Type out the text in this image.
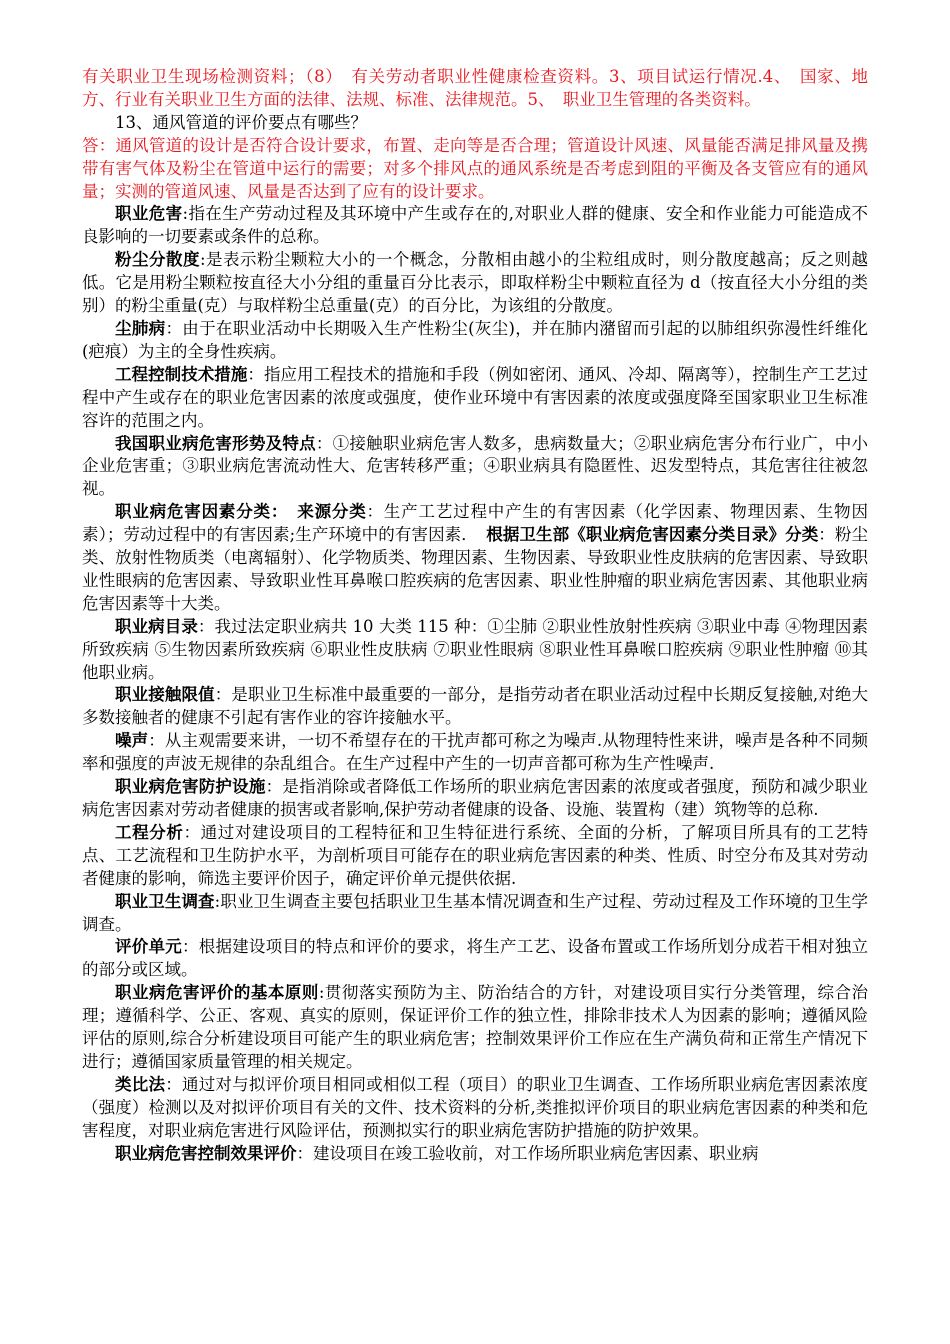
有关职业卫生现场检测资料；（8）　有关劳动者职业性健康检查资料。3、项目试运行情况.4、　国家、地方、行业有关职业卫生方面的法律、法规、标准、法律规范。5、　职业卫生管理的各类资料。

13、通风管道的评价要点有哪些？

答：通风管道的设计是否符合设计要求，布置、走向等是否合理；管道设计风速、风量能否满足排风量及携带有害气体及粉尘在管道中运行的需要；对多个排风点的通风系统是否考虑到阻的平衡及各支管应有的通风量；实测的管道风速、风量是否达到了应有的设计要求。

职业危害:指在生产劳动过程及其环境中产生或存在的,对职业人群的健康、安全和作业能力可能造成不良影响的一切要素或条件的总称。

粉尘分散度:是表示粉尘颗粒大小的一个概念，分散相由越小的尘粒组成时，则分散度越高；反之则越低。它是用粉尘颗粒按直径大小分组的重量百分比表示，即取样粉尘中颗粒直径为 d（按直径大小分组的类别）的粉尘重量(克）与取样粉尘总重量(克）的百分比，为该组的分散度。

尘肺病：由于在职业活动中长期吸入生产性粉尘(灰尘)，并在肺内潴留而引起的以肺组织弥漫性纤维化(疤痕）为主的全身性疾病。

工程控制技术措施：指应用工程技术的措施和手段（例如密闭、通风、冷却、隔离等），控制生产工艺过程中产生或存在的职业危害因素的浓度或强度，使作业环境中有害因素的浓度或强度降至国家职业卫生标准容许的范围之内。

我国职业病危害形势及特点：①接触职业病危害人数多，患病数量大；②职业病危害分布行业广，中小企业危害重；③职业病危害流动性大、危害转移严重；④职业病具有隐匿性、迟发型特点，其危害往往被忽视。

职业病危害因素分类：　来源分类：生产工艺过程中产生的有害因素（化学因素、物理因素、生物因素）；劳动过程中的有害因素;生产环境中的有害因素．　根据卫生部《职业病危害因素分类目录》分类：粉尘类、放射性物质类（电离辐射）、化学物质类、物理因素、生物因素、导致职业性皮肤病的危害因素、导致职业性眼病的危害因素、导致职业性耳鼻喉口腔疾病的危害因素、职业性肿瘤的职业病危害因素、其他职业病危害因素等十大类。

职业病目录：我过法定职业病共 10 大类 115 种：①尘肺 ②职业性放射性疾病 ③职业中毒 ④物理因素所致疾病 ⑤生物因素所致疾病 ⑥职业性皮肤病 ⑦职业性眼病 ⑧职业性耳鼻喉口腔疾病 ⑨职业性肿瘤 ⑩其他职业病。

职业接触限值：是职业卫生标准中最重要的一部分，是指劳动者在职业活动过程中长期反复接触,对绝大多数接触者的健康不引起有害作业的容许接触水平。

噪声：从主观需要来讲，一切不希望存在的干扰声都可称之为噪声.从物理特性来讲，噪声是各种不同频率和强度的声波无规律的杂乱组合。在生产过程中产生的一切声音都可称为生产性噪声.

职业病危害防护设施：是指消除或者降低工作场所的职业病危害因素的浓度或者强度，预防和减少职业病危害因素对劳动者健康的损害或者影响,保护劳动者健康的设备、设施、装置构（建）筑物等的总称.

工程分析：通过对建设项目的工程特征和卫生特征进行系统、全面的分析，了解项目所具有的工艺特点、工艺流程和卫生防护水平，为剖析项目可能存在的职业病危害因素的种类、性质、时空分布及其对劳动者健康的影响，筛选主要评价因子，确定评价单元提供依据.

职业卫生调查:职业卫生调查主要包括职业卫生基本情况调查和生产过程、劳动过程及工作环境的卫生学调查。

评价单元：根据建设项目的特点和评价的要求，将生产工艺、设备布置或工作场所划分成若干相对独立的部分或区域。

职业病危害评价的基本原则:贯彻落实预防为主、防治结合的方针，对建设项目实行分类管理，综合治理；遵循科学、公正、客观、真实的原则，保证评价工作的独立性，排除非技术人为因素的影响；遵循风险评估的原则,综合分析建设项目可能产生的职业病危害；控制效果评价工作应在生产满负荷和正常生产情况下进行；遵循国家质量管理的相关规定。

类比法：通过对与拟评价项目相同或相似工程（项目）的职业卫生调查、工作场所职业病危害因素浓度（强度）检测以及对拟评价项目有关的文件、技术资料的分析,类推拟评价项目的职业病危害因素的种类和危害程度，对职业病危害进行风险评估，预测拟实行的职业病危害防护措施的防护效果。

职业病危害控制效果评价：建设项目在竣工验收前，对工作场所职业病危害因素、职业病
